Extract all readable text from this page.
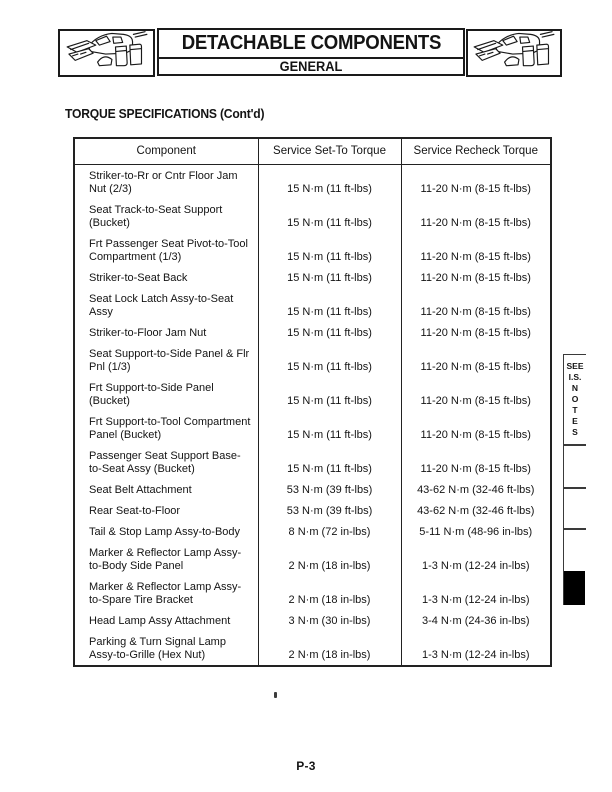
DETACHABLE COMPONENTS
GENERAL
TORQUE SPECIFICATIONS (Cont'd)
Component	Service Set-To Torque	Service Recheck Torque
Striker-to-Rr or Cntr Floor Jam Nut (2/3)	15 N·m (11 ft-lbs)	11-20 N·m (8-15 ft-lbs)
Seat Track-to-Seat Support (Bucket)	15 N·m (11 ft-lbs)	11-20 N·m (8-15 ft-lbs)
Frt Passenger Seat Pivot-to-Tool Compartment (1/3)	15 N·m (11 ft-lbs)	11-20 N·m (8-15 ft-lbs)
Striker-to-Seat Back	15 N·m (11 ft-lbs)	11-20 N·m (8-15 ft-lbs)
Seat Lock Latch Assy-to-Seat Assy	15 N·m (11 ft-lbs)	11-20 N·m (8-15 ft-lbs)
Striker-to-Floor Jam Nut	15 N·m (11 ft-lbs)	11-20 N·m (8-15 ft-lbs)
Seat Support-to-Side Panel & Flr Pnl (1/3)	15 N·m (11 ft-lbs)	11-20 N·m (8-15 ft-lbs)
Frt Support-to-Side Panel (Bucket)	15 N·m (11 ft-lbs)	11-20 N·m (8-15 ft-lbs)
Frt Support-to-Tool Compartment Panel (Bucket)	15 N·m (11 ft-lbs)	11-20 N·m (8-15 ft-lbs)
Passenger Seat Support Base-to-Seat Assy (Bucket)	15 N·m (11 ft-lbs)	11-20 N·m (8-15 ft-lbs)
Seat Belt Attachment	53 N·m (39 ft-lbs)	43-62 N·m (32-46 ft-lbs)
Rear Seat-to-Floor	53 N·m (39 ft-lbs)	43-62 N·m (32-46 ft-lbs)
Tail & Stop Lamp Assy-to-Body	8 N·m (72 in-lbs)	5-11 N·m (48-96 in-lbs)
Marker & Reflector Lamp Assy-to-Body Side Panel	2 N·m (18 in-lbs)	1-3 N·m (12-24 in-lbs)
Marker & Reflector Lamp Assy-to-Spare Tire Bracket	2 N·m (18 in-lbs)	1-3 N·m (12-24 in-lbs)
Head Lamp Assy Attachment	3 N·m (30 in-lbs)	3-4 N·m (24-36 in-lbs)
Parking & Turn Signal Lamp Assy-to-Grille (Hex Nut)	2 N·m (18 in-lbs)	1-3 N·m (12-24 in-lbs)
SEE
I.S.
N
O
T
E
S
P-3
